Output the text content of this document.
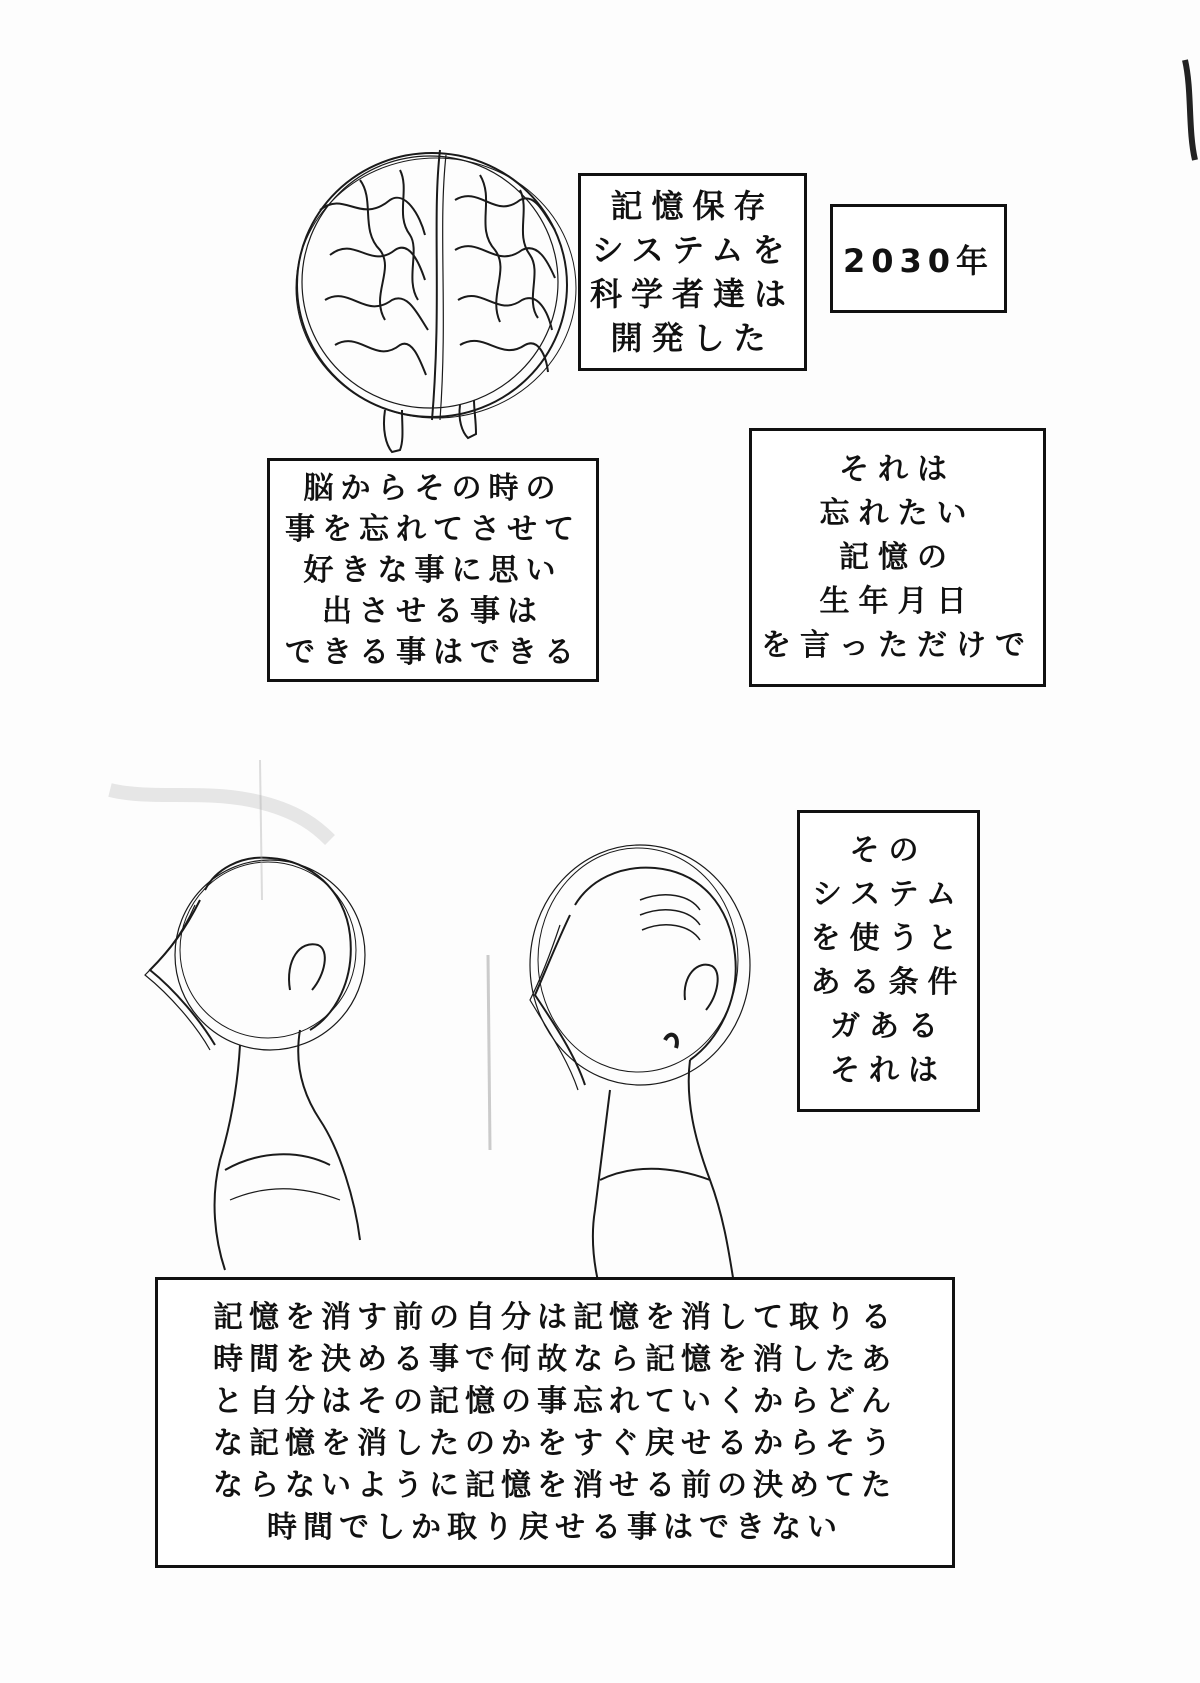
記憶保存
システムを
科学者達は
開発した
2030年
脳からその時の
事を忘れてさせて
好きな事に思い
出させる事は
できる事はできる
それは
忘れたい
記憶の
生年月日
を言っただけで
その
システム
を使うと
ある条件
ガある
それは
記憶を消す前の自分は記憶を消して取りる
時間を決める事で何故なら記憶を消したあ
と自分はその記憶の事忘れていくからどん
な記憶を消したのかをすぐ戻せるからそう
ならないように記憶を消せる前の決めてた
時間でしか取り戻せる事はできない
